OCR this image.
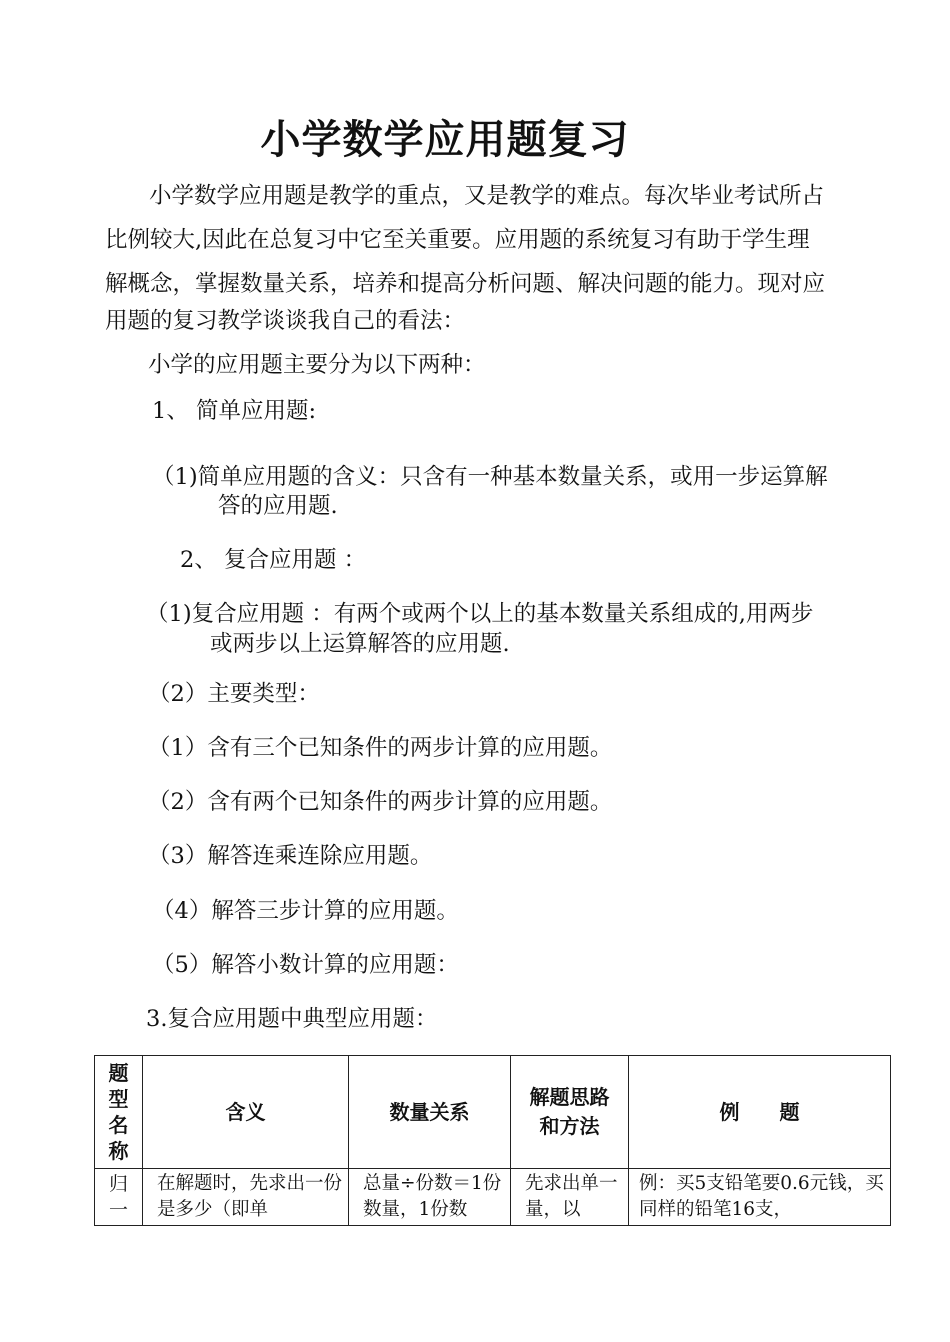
小学数学应用题复习
小学数学应用题是教学的重点，又是教学的难点。每次毕业考试所占
比例较大,因此在总复习中它至关重要。应用题的系统复习有助于学生理
解概念，掌握数量关系，培养和提高分析问题、解决问题的能力。现对应
用题的复习教学谈谈我自己的看法：
小学的应用题主要分为以下两种：
1、 简单应用题:
（1)简单应用题的含义：只含有一种基本数量关系，或用一步运算解
答的应用题.
2、 复合应用题 ：
（1)复合应用题 ：有两个或两个以上的基本数量关系组成的,用两步
或两步以上运算解答的应用题.
（2）主要类型：
（1）含有三个已知条件的两步计算的应用题。
（2）含有两个已知条件的两步计算的应用题。
（3）解答连乘连除应用题。
（4）解答三步计算的应用题。
（5）解答小数计算的应用题：
3.复合应用题中典型应用题：
题型名称	含义	数量关系	解题思路和方法	例　　题

归一	在解题时，先求出一份是多少（即单	总量÷份数＝1份数量，1份数	先求出单一量，以	例：买5支铅笔要0.6元钱，买同样的铅笔16支，
